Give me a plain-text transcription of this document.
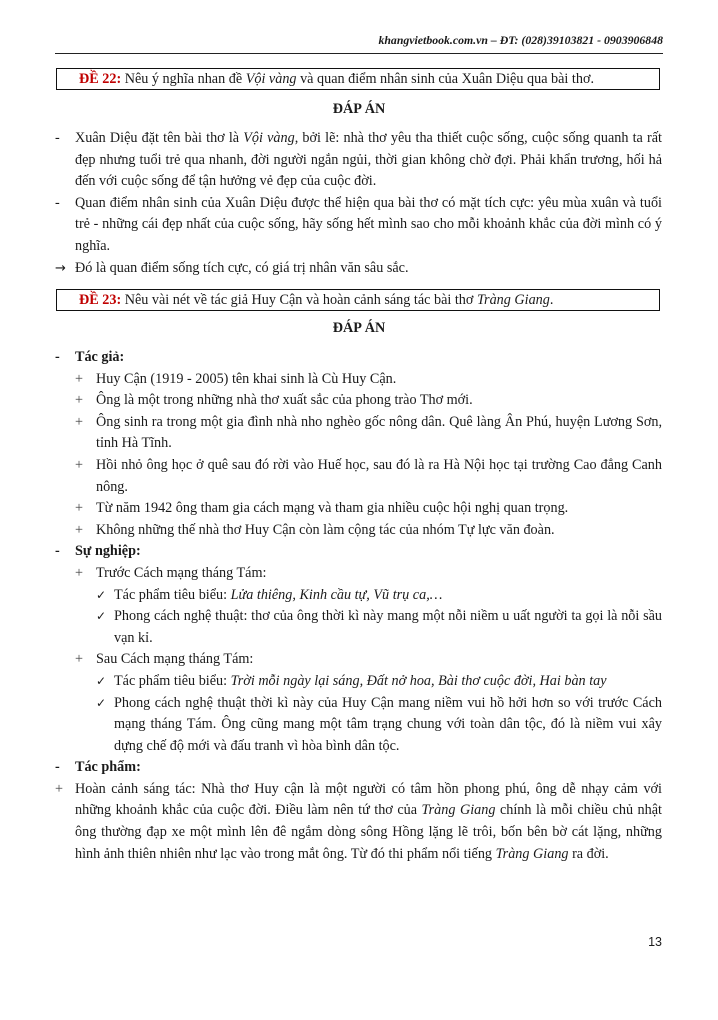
khangvietbook.com.vn – ĐT: (028)39103821 - 0903906848
ĐỀ 22: Nêu ý nghĩa nhan đề Vội vàng và quan điểm nhân sinh của Xuân Diệu qua bài thơ.
ĐÁP ÁN
- Xuân Diệu đặt tên bài thơ là Vội vàng, bởi lẽ: nhà thơ yêu tha thiết cuộc sống, cuộc sống quanh ta rất đẹp nhưng tuổi trẻ qua nhanh, đời người ngắn ngủi, thời gian không chờ đợi. Phải khẩn trương, hối hả đến với cuộc sống để tận hưởng vẻ đẹp của cuộc đời.
- Quan điểm nhân sinh của Xuân Diệu được thể hiện qua bài thơ có mặt tích cực: yêu mùa xuân và tuổi trẻ - những cái đẹp nhất của cuộc sống, hãy sống hết mình sao cho mỗi khoảnh khắc của đời mình có ý nghĩa.
→ Đó là quan điểm sống tích cực, có giá trị nhân văn sâu sắc.
ĐỀ 23: Nêu vài nét về tác giả Huy Cận và hoàn cảnh sáng tác bài thơ Tràng Giang.
ĐÁP ÁN
- Tác giả:
+ Huy Cận (1919 - 2005) tên khai sinh là Cù Huy Cận.
+ Ông là một trong những nhà thơ xuất sắc của phong trào Thơ mới.
+ Ông sinh ra trong một gia đình nhà nho nghèo gốc nông dân. Quê làng Ân Phú, huyện Lương Sơn, tỉnh Hà Tĩnh.
+ Hồi nhỏ ông học ở quê sau đó rời vào Huế học, sau đó là ra Hà Nội học tại trường Cao đẳng Canh nông.
+ Từ năm 1942 ông tham gia cách mạng và tham gia nhiều cuộc hội nghị quan trọng.
+ Không những thế nhà thơ Huy Cận còn làm cộng tác của nhóm Tự lực văn đoàn.
- Sự nghiệp:
+ Trước Cách mạng tháng Tám:
✓ Tác phẩm tiêu biểu: Lửa thiêng, Kinh cầu tự, Vũ trụ ca,…
✓ Phong cách nghệ thuật: thơ của ông thời kì này mang một nỗi niềm u uất người ta gọi là nỗi sầu vạn kỉ.
+ Sau Cách mạng tháng Tám:
✓ Tác phẩm tiêu biểu: Trời mỗi ngày lại sáng, Đất nở hoa, Bài thơ cuộc đời, Hai bàn tay
✓ Phong cách nghệ thuật thời kì này của Huy Cận mang niềm vui hồ hởi hơn so với trước Cách mạng tháng Tám. Ông cũng mang một tâm trạng chung với toàn dân tộc, đó là niềm vui xây dựng chế độ mới và đấu tranh vì hòa bình dân tộc.
- Tác phẩm:
+ Hoàn cảnh sáng tác: Nhà thơ Huy cận là một người có tâm hồn phong phú, ông dễ nhạy cảm với những khoảnh khắc của cuộc đời. Điều làm nên tứ thơ của Tràng Giang chính là mỗi chiều chủ nhật ông thường đạp xe một mình lên đê ngắm dòng sông Hồng lặng lẽ trôi, bốn bên bờ cát lặng, những hình ảnh thiên nhiên như lạc vào trong mắt ông. Từ đó thi phẩm nổi tiếng Tràng Giang ra đời.
13
